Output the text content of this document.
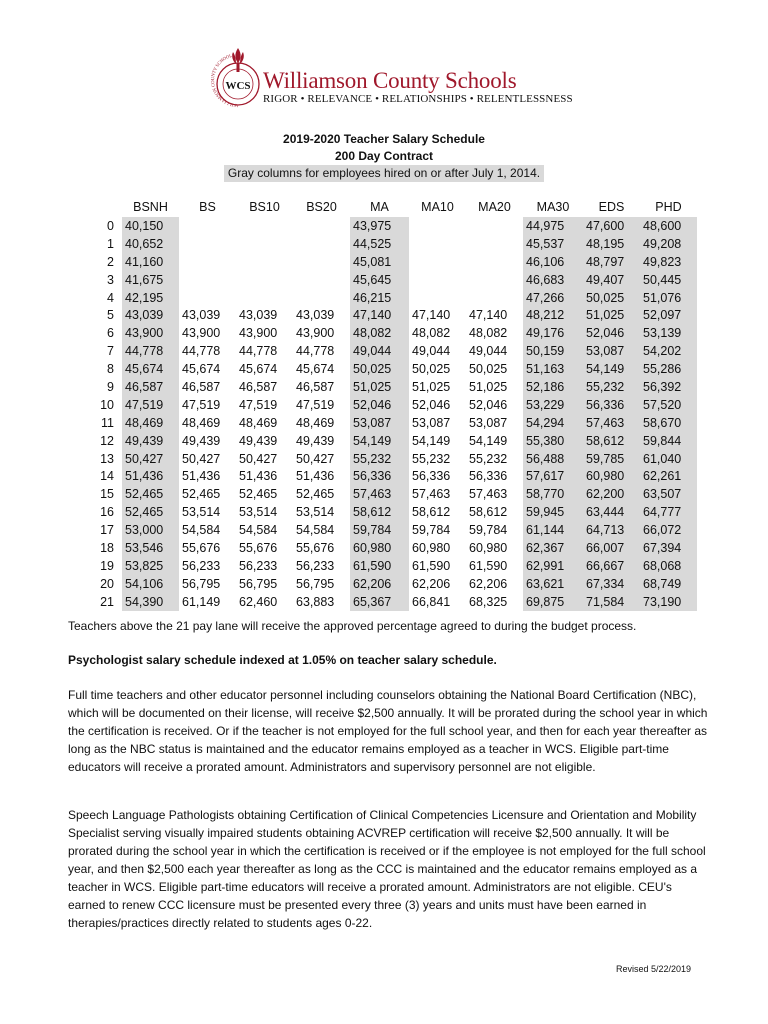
WILLIAMSON COUNTY SCHOOL
WCS Williamson County Schools
RIGOR • RELEVANCE • RELATIONSHIPS • RELENTLESSNESS
2019-2020 Teacher Salary Schedule
200 Day Contract
Gray columns for employees hired on or after July 1, 2014.
	BSNH	BS	BS10	BS20	MA	MA10	MA20	MA30	EDS	PHD
0	40,150				43,975			44,975	47,600	48,600
1	40,652				44,525			45,537	48,195	49,208
2	41,160				45,081			46,106	48,797	49,823
3	41,675				45,645			46,683	49,407	50,445
4	42,195				46,215			47,266	50,025	51,076
5	43,039	43,039	43,039	43,039	47,140	47,140	47,140	48,212	51,025	52,097
6	43,900	43,900	43,900	43,900	48,082	48,082	48,082	49,176	52,046	53,139
7	44,778	44,778	44,778	44,778	49,044	49,044	49,044	50,159	53,087	54,202
8	45,674	45,674	45,674	45,674	50,025	50,025	50,025	51,163	54,149	55,286
9	46,587	46,587	46,587	46,587	51,025	51,025	51,025	52,186	55,232	56,392
10	47,519	47,519	47,519	47,519	52,046	52,046	52,046	53,229	56,336	57,520
11	48,469	48,469	48,469	48,469	53,087	53,087	53,087	54,294	57,463	58,670
12	49,439	49,439	49,439	49,439	54,149	54,149	54,149	55,380	58,612	59,844
13	50,427	50,427	50,427	50,427	55,232	55,232	55,232	56,488	59,785	61,040
14	51,436	51,436	51,436	51,436	56,336	56,336	56,336	57,617	60,980	62,261
15	52,465	52,465	52,465	52,465	57,463	57,463	57,463	58,770	62,200	63,507
16	52,465	53,514	53,514	53,514	58,612	58,612	58,612	59,945	63,444	64,777
17	53,000	54,584	54,584	54,584	59,784	59,784	59,784	61,144	64,713	66,072
18	53,546	55,676	55,676	55,676	60,980	60,980	60,980	62,367	66,007	67,394
19	53,825	56,233	56,233	56,233	61,590	61,590	61,590	62,991	66,667	68,068
20	54,106	56,795	56,795	56,795	62,206	62,206	62,206	63,621	67,334	68,749
21	54,390	61,149	62,460	63,883	65,367	66,841	68,325	69,875	71,584	73,190
Teachers above the 21 pay lane will receive the approved percentage agreed to during the budget process.
Psychologist salary schedule indexed at 1.05% on teacher salary schedule.
Full time teachers and other educator personnel including counselors obtaining the National Board Certification (NBC), which will be documented on their license, will receive $2,500 annually. It will be prorated during the school year in which the certification is received. Or if the teacher is not employed for the full school year, and then for each year thereafter as long as the NBC status is maintained and the educator remains employed as a teacher in WCS. Eligible part-time educators will receive a prorated amount. Administrators and supervisory personnel are not eligible.
Speech Language Pathologists obtaining Certification of Clinical Competencies Licensure and Orientation and Mobility Specialist serving visually impaired students obtaining ACVREP certification will receive $2,500 annually. It will be prorated during the school year in which the certification is received or if the employee is not employed for the full school year, and then $2,500 each year thereafter as long as the CCC is maintained and the educator remains employed as a teacher in WCS. Eligible part-time educators will receive a prorated amount. Administrators are not eligible. CEU's earned to renew CCC licensure must be presented every three (3) years and units must have been earned in therapies/practices directly related to students ages 0-22.
Revised 5/22/2019
